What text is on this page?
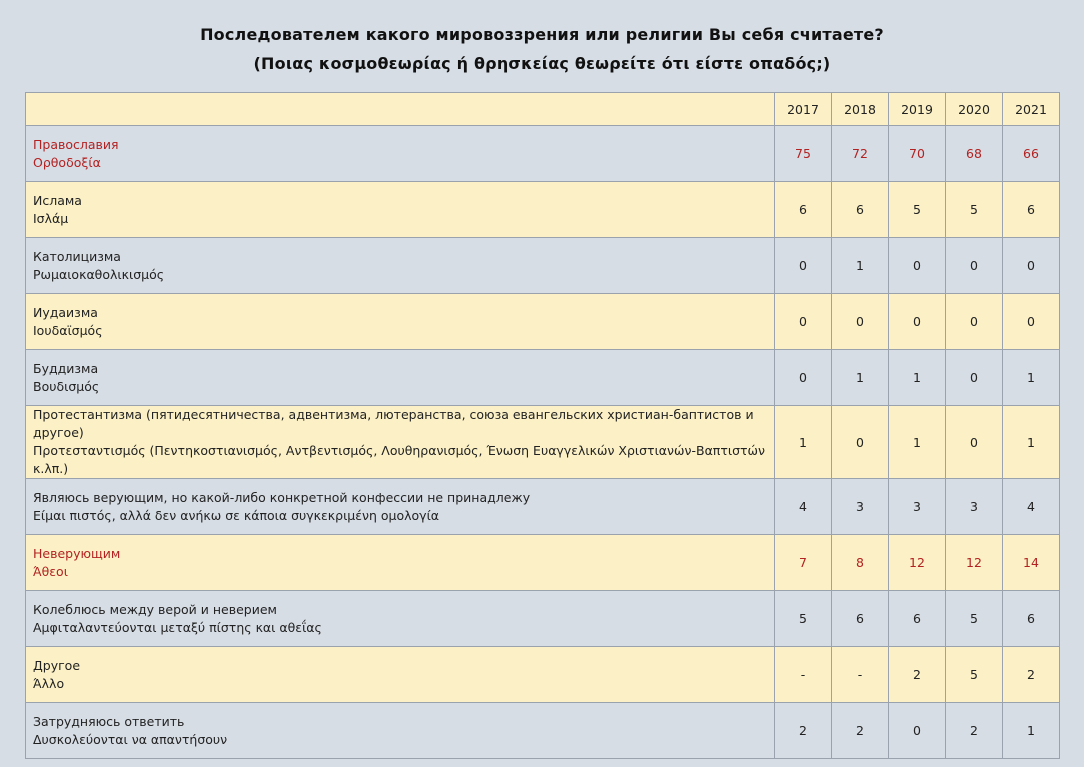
Последователем какого мировоззрения или религии Вы себя считаете?
(Ποιας κοσμοθεωρίας ή θρησκείας θεωρείτε ότι είστε οπαδός;)
	2017	2018	2019	2020	2021

Православия
Ορθοδοξία	75	72	70	68	66

Ислама
Ισλάμ	6	6	5	5	6

Католицизма
Ρωμαιοκαθολικισμός	0	1	0	0	0

Иудаизма
Ιουδαϊσμός	0	0	0	0	0

Буддизма
Βουδισμός	0	1	1	0	1

Протестантизма (пятидесятничества, адвентизма, лютеранства, союза евангельских христиан-баптистов и другое)
Προτεσταντισμός (Πεντηκοστιανισμός, Αντβεντισμός, Λουθηρανισμός, Ένωση Ευαγγελικών Χριστιανών-Βαπτιστών κ.λπ.)	1	0	1	0	1

Являюсь верующим, но какой-либо конкретной конфессии не принадлежу
Είμαι πιστός, αλλά δεν ανήκω σε κάποια συγκεκριμένη ομολογία	4	3	3	3	4

Неверующим
Άθεοι	7	8	12	12	14

Колеблюсь между верой и неверием
Αμφιταλαντεύονται μεταξύ πίστης και αθεΐας	5	6	6	5	6

Другое
Άλλο	-	-	2	5	2

Затрудняюсь ответить
Δυσκολεύονται να απαντήσουν	2	2	0	2	1
